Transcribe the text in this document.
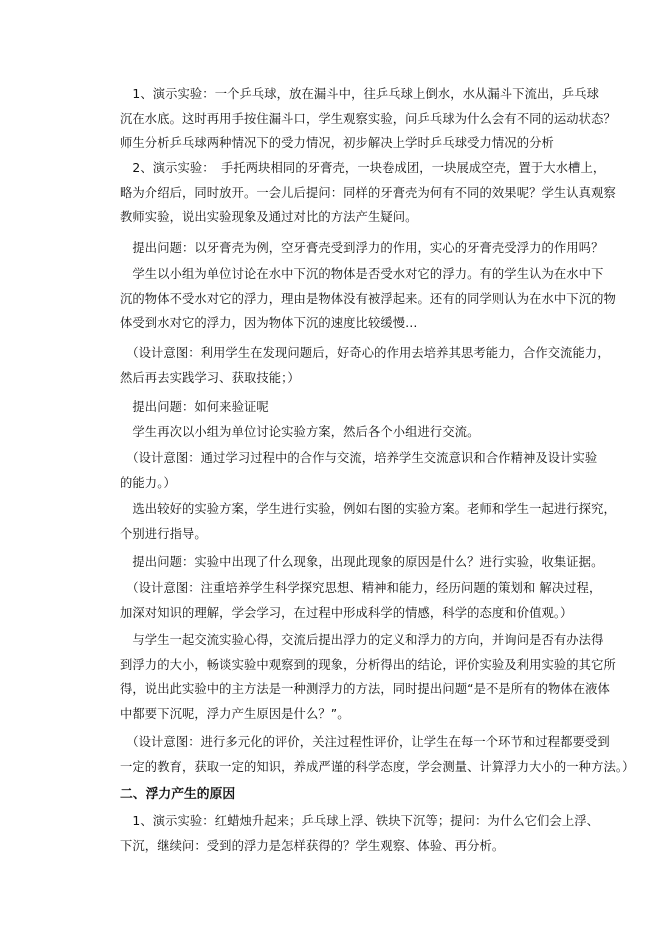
　1、演示实验：一个乒乓球，放在漏斗中，往乒乓球上倒水，水从漏斗下流出，乒乓球
沉在水底。这时再用手按住漏斗口，学生观察实验，问乒乓球为什么会有不同的运动状态？
师生分析乒乓球两种情况下的受力情况，初步解决上学时乒乓球受力情况的分析
　2、演示实验：　手托两块相同的牙膏壳，一块卷成团，一块展成空壳，置于大水槽上，
略为介绍后，同时放开。一会儿后提问：同样的牙膏壳为何有不同的效果呢？学生认真观察
教师实验，说出实验现象及通过对比的方法产生疑问。
　提出问题：以牙膏壳为例，空牙膏壳受到浮力的作用，实心的牙膏壳受浮力的作用吗？
　学生以小组为单位讨论在水中下沉的物体是否受水对它的浮力。有的学生认为在水中下
沉的物体不受水对它的浮力，理由是物体没有被浮起来。还有的同学则认为在水中下沉的物
体受到水对它的浮力，因为物体下沉的速度比较缓慢…
　（设计意图：利用学生在发现问题后，好奇心的作用去培养其思考能力，合作交流能力，
然后再去实践学习、获取技能；）
　提出问题：如何来验证呢
　学生再次以小组为单位讨论实验方案，然后各个小组进行交流。
　（设计意图：通过学习过程中的合作与交流，培养学生交流意识和合作精神及设计实验
的能力。）
　选出较好的实验方案，学生进行实验，例如右图的实验方案。老师和学生一起进行探究，
个别进行指导。
　提出问题：实验中出现了什么现象，出现此现象的原因是什么？进行实验，收集证据。
　（设计意图：注重培养学生科学探究思想、精神和能力，经历问题的策划和 解决过程，
加深对知识的理解，学会学习，在过程中形成科学的情感，科学的态度和价值观。）
　与学生一起交流实验心得，交流后提出浮力的定义和浮力的方向，并询问是否有办法得
到浮力的大小，畅谈实验中观察到的现象，分析得出的结论，评价实验及利用实验的其它所
得，说出此实验中的主方法是一种测浮力的方法，同时提出问题“是不是所有的物体在液体
中都要下沉呢，浮力产生原因是什么？”。
　（设计意图：进行多元化的评价，关注过程性评价，让学生在每一个环节和过程都要受到
一定的教育，获取一定的知识，养成严谨的科学态度，学会测量、计算浮力大小的一种方法。）
二、浮力产生的原因
　1、演示实验：红蜡烛升起来；乒乓球上浮、铁块下沉等；提问：为什么它们会上浮、
下沉，继续问：受到的浮力是怎样获得的？学生观察、体验、再分析。
